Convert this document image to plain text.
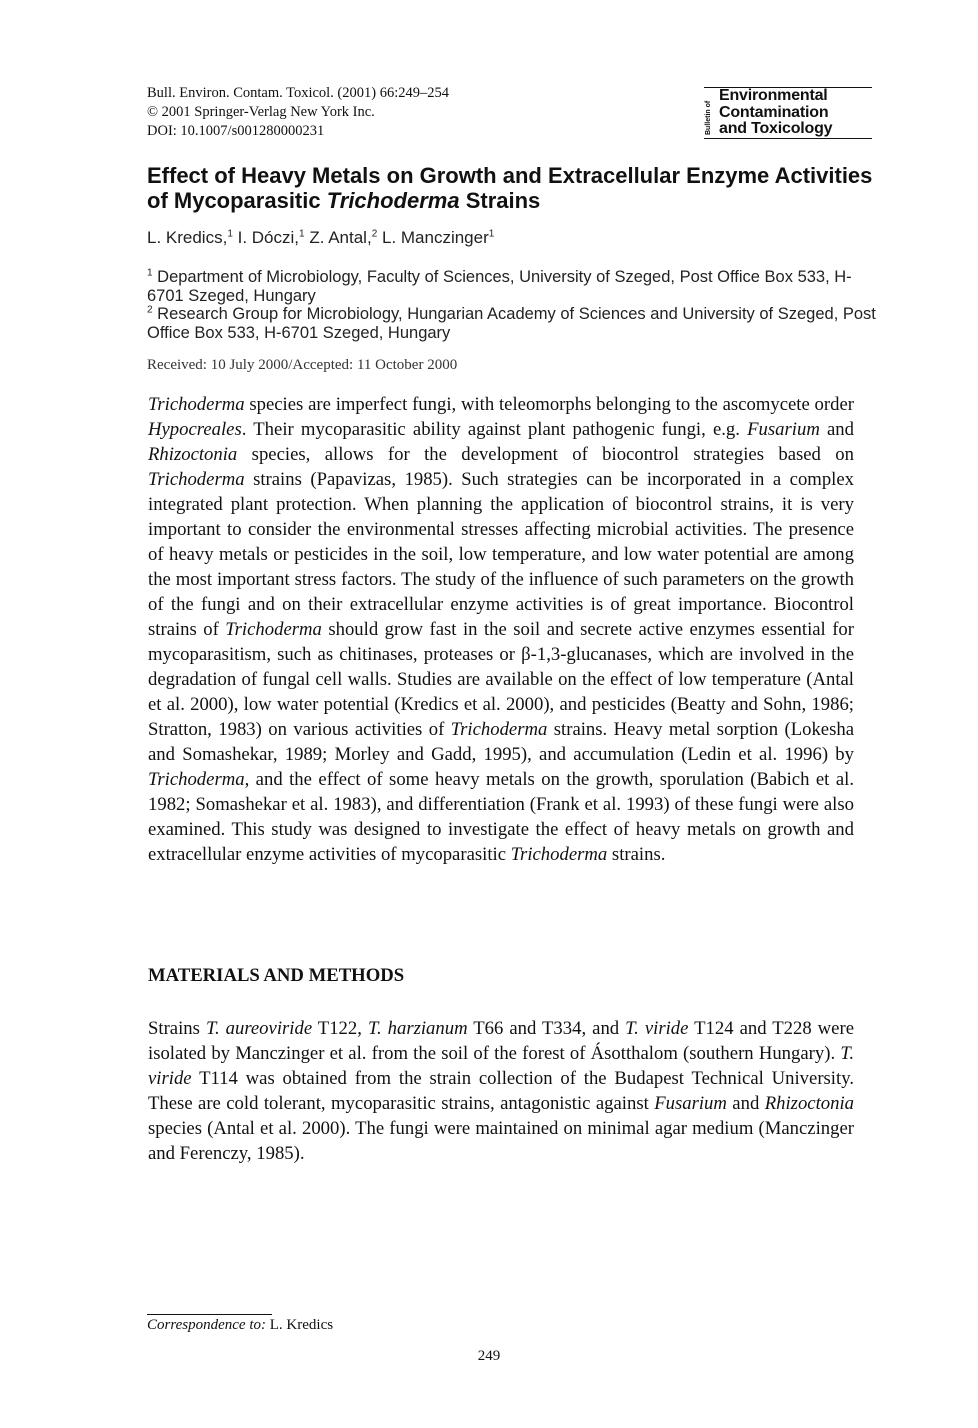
Bull. Environ. Contam. Toxicol. (2001) 66:249–254
© 2001 Springer-Verlag New York Inc.
DOI: 10.1007/s001280000231	Bulletin of
Environmental
Contamination
and Toxicology
Effect of Heavy Metals on Growth and Extracellular Enzyme Activities of Mycoparasitic Trichoderma Strains
L. Kredics,$^1$ I. Dóczi,$^1$ Z. Antal,$^2$ L. Manczinger$^1$

$^1$ Department of Microbiology, Faculty of Sciences, University of Szeged, Post Office Box 533, H-6701 Szeged, Hungary

$^2$ Research Group for Microbiology, Hungarian Academy of Sciences and University of Szeged, Post Office Box 533, H-6701 Szeged, Hungary

Received: 10 July 2000/Accepted: 11 October 2000

Trichoderma species are imperfect fungi, with teleomorphs belonging to the ascomycete order Hypocreales. Their mycoparasitic ability against plant pathogenic fungi, e.g. Fusarium and Rhizoctonia species, allows for the development of biocontrol strategies based on Trichoderma strains (Papavizas, 1985). Such strategies can be incorporated in a complex integrated plant protection. When planning the application of biocontrol strains, it is very important to consider the environmental stresses affecting microbial activities. The presence of heavy metals or pesticides in the soil, low temperature, and low water potential are among the most important stress factors. The study of the influence of such parameters on the growth of the fungi and on their extracellular enzyme activities is of great importance. Biocontrol strains of Trichoderma should grow fast in the soil and secrete active enzymes essential for mycoparasitism, such as chitinases, proteases or β-1,3-glucanases, which are involved in the degradation of fungal cell walls. Studies are available on the effect of low temperature (Antal et al. 2000), low water potential (Kredics et al. 2000), and pesticides (Beatty and Sohn, 1986; Stratton, 1983) on various activities of Trichoderma strains. Heavy metal sorption (Lokesha and Somashekar, 1989; Morley and Gadd, 1995), and accumulation (Ledin et al. 1996) by Trichoderma, and the effect of some heavy metals on the growth, sporulation (Babich et al. 1982; Somashekar et al. 1983), and differentiation (Frank et al. 1993) of these fungi were also examined. This study was designed to investigate the effect of heavy metals on growth and extracellular enzyme activities of mycoparasitic Trichoderma strains.

MATERIALS AND METHODS

Strains T. aureoviride T122, T. harzianum T66 and T334, and T. viride T124 and T228 were isolated by Manczinger et al. from the soil of the forest of Ásotthalom (southern Hungary). T. viride T114 was obtained from the strain collection of the Budapest Technical University. These are cold tolerant, mycoparasitic strains, antagonistic against Fusarium and Rhizoctonia species (Antal et al. 2000). The fungi were maintained on minimal agar medium (Manczinger and Ferenczy, 1985).

Correspondence to: L. Kredics
249
